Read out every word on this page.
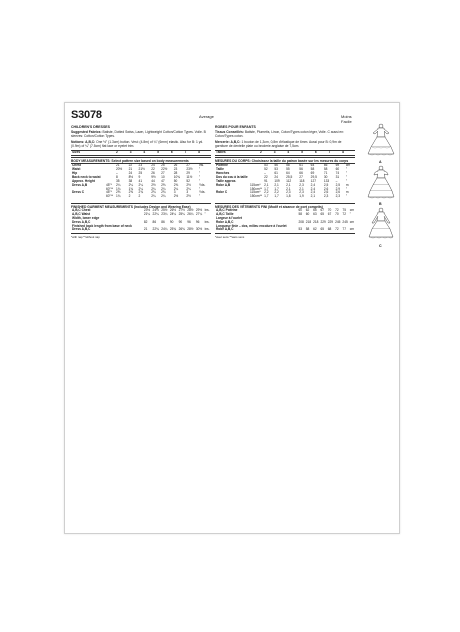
S3078	Average	Moins Facile
CHILDREN'S DRESSES
Suggested Fabrics: Batiste, Dotted Swiss, Lawn, Lightweight Cotton/Cotton Types. Voile. B sleeves: Cotton/Cotton Types.
Notions: A,B,C: One ½" (1.3cm) button. Vest: (4.8m) of ¼" (6mm) elastic. Also for B: 1 yd. (0.9m) of ¼" (7.5cm) flat lace or eyelet trim.
Sizes		2	3	4	5	6	7	8
BODY MEASUREMENTS: Select pattern size based on body measurements
Chest		21	22	23	24	25	26	27	ins.
Waist		20½	21	21½	22	22½	23	23½	"
Hip		–	24	25	26	27	28	29	"
Back neck to waist		8	8½	9	9½	10	10¾	11½	"
Approx. Height		35	38	41	44	47	50	52	"
Dress A,B	45"*	2¼	2¼	2¼	2½	2⅝	2⅝	2½	Yds.
	60"**	1¾	1¾	2¼	2¼	2¼	2¼	2¼	"
Dress C	45"*	2⅝	2⅝	2¾	2¾	2¾	3	3	Yds.
	60"**	1¾	2	2	2¼	2¼	2½	2½	"
FINISHED GARMENT MEASUREMENTS (Includes Design and Wearing Ease)
A,B,C Chest		23½	24½	25½	26½	27½	28½	29½	ins.
A,B,C Waist		21¼	22¼	23¼	24¼	25¼	26¼	27¼	"
Width, lower edge									
Dress A,B,C		82	86	86	90	90	96	96	ins.
Finished back length from base of neck									
Dress A,B,C		21	22¾	24¼	25¾	26¾	28½	30½	ins.
*with nap **without nap
ROBES POUR ENFANTS
Tissus Conseillés: Batiste, Plumetis, Linon, Coton/Types coton léger, Voile. C aussi en: Coton/Types coton.
Mercerie: A,B,C: 1 bouton de 1,3cm, 0,8m d'élastique de 6mm. Aussi pour B: 0,9m de garniture de dentelle plate ou broderie anglaise de 7,5cm.
Tailles		2	3	4	5	6	7	8
MESURES DU CORPS: Choisissez la taille du patron basée sur les mesures du corps
Poitrine		53	56	58	61	64	66	69	cm
Taille		52	53	55	56	58	58	60	"
Hanches		–	61	64	66	69	71	74	"
Dos du cou à la taille		22	24	25,5	27	29,5	30	31	"
Taille approx.		91	109	112	118	127	133	–	"
Robe A,B	115cm*	2,1	2,1	2,1	2,3	2,4	2,5	2,5	m
	150cm**	1,7	1,7	2,1	2,1	2,4	2,6	2,9	"
Robe C	115cm*	2,2	2,2	2,3	2,3	2,4	2,6	2,6	m
	150cm**	1,7	1,7	1,8	1,9	2,1	2,3	2,3	"
MESURES DES VÊTEMENTS FINI (Modif et aisance de port comprits)
A,B,C Poitrine		60	62	65	67	70	72	75	cm
A,B,C Taille		58	60	63	65	67	70	72	"
Largeur à l'ourlet									
Robe A,B,C		208	218	218	229	229	245	245	cm
Longueur finie – dos, milieu encolure à l'ourlet									
Robe A,B,C		53	58	62	65	68	72	77	cm
*avec sens **sans sens
A
B
C
